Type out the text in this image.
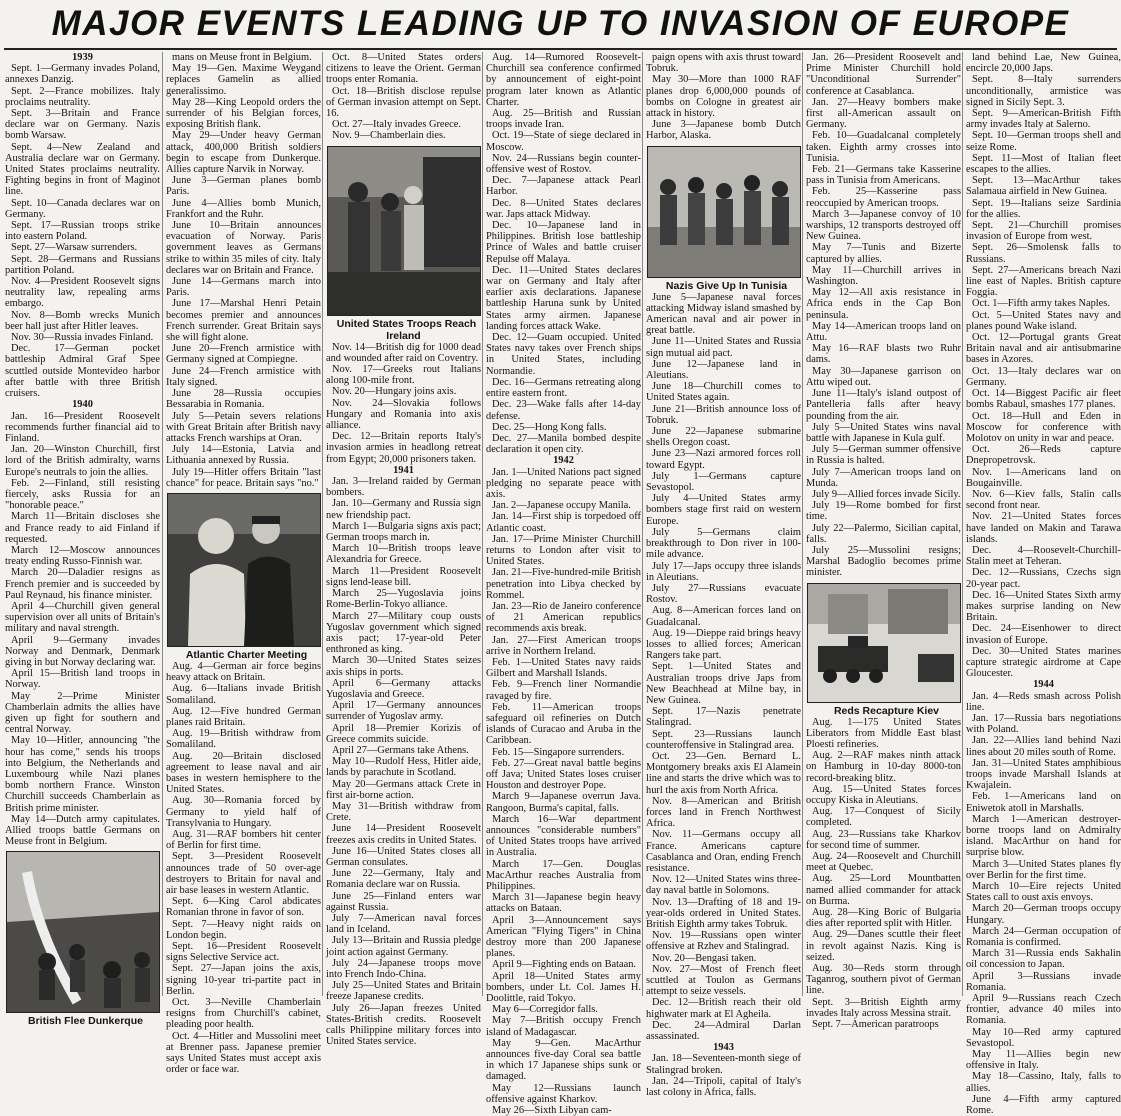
MAJOR EVENTS LEADING UP TO INVASION OF EUROPE

1939

Sept. 1—Germany invades Poland, annexes Danzig.

Sept. 2—France mobilizes. Italy proclaims neutrality.

Sept. 3—Britain and France declare war on Germany. Nazis bomb Warsaw.

Sept. 4—New Zealand and Australia declare war on Germany. United States proclaims neutrality. Fighting begins in front of Maginot line.

Sept. 10—Canada declares war on Germany.

Sept. 17—Russian troops strike into eastern Poland.

Sept. 27—Warsaw surrenders.

Sept. 28—Germans and Russians partition Poland.

Nov. 4—President Roosevelt signs neutrality law, repealing arms embargo.

Nov. 8—Bomb wrecks Munich beer hall just after Hitler leaves.

Nov. 30—Russia invades Finland.

Dec. 17—German pocket battleship Admiral Graf Spee scuttled outside Montevideo harbor after battle with three British cruisers.

1940

Jan. 16—President Roosevelt recommends further financial aid to Finland.

Jan. 20—Winston Churchill, first lord of the British admiralty, warns Europe's neutrals to join the allies.

Feb. 2—Finland, still resisting fiercely, asks Russia for an "honorable peace."

March 11—Britain discloses she and France ready to aid Finland if requested.

March 12—Moscow announces treaty ending Russo-Finnish war.

March 20—Daladier resigns as French premier and is succeeded by Paul Reynaud, his finance minister.

April 4—Churchill given general supervision over all units of Britain's military and naval strength.

April 9—Germany invades Norway and Denmark, Denmark giving in but Norway declaring war.

April 15—British land troops in Norway.

May 2—Prime Minister Chamberlain admits the allies have given up fight for southern and central Norway.

May 10—Hitler, announcing "the hour has come," sends his troops into Belgium, the Netherlands and Luxembourg while Nazi planes bomb northern France. Winston Churchill succeeds Chamberlain as British prime minister.

May 14—Dutch army capitulates. Allied troops battle Germans on Meuse front in Belgium.

British Flee Dunkerque

mans on Meuse front in Belgium.

May 19—Gen. Maxime Weygand replaces Gamelin as allied generalissimo.

May 28—King Leopold orders the surrender of his Belgian forces, exposing British flank.

May 29—Under heavy German attack, 400,000 British soldiers begin to escape from Dunkerque. Allies capture Narvik in Norway.

June 3—German planes bomb Paris.

June 4—Allies bomb Munich, Frankfort and the Ruhr.

June 10—Britain announces evacuation of Norway. Paris government leaves as Germans strike to within 35 miles of city. Italy declares war on Britain and France.

June 14—Germans march into Paris.

June 17—Marshal Henri Petain becomes premier and announces French surrender. Great Britain says she will fight alone.

June 20—French armistice with Germany signed at Compiegne.

June 24—French armistice with Italy signed.

June 28—Russia occupies Bessarabia in Romania.

July 5—Petain severs relations with Great Britain after British navy attacks French warships at Oran.

July 14—Estonia, Latvia and Lithuania annexed by Russia.

July 19—Hitler offers Britain "last chance" for peace. Britain says "no."

Atlantic Charter Meeting

Aug. 4—German air force begins heavy attack on Britain.

Aug. 6—Italians invade British Somaliland.

Aug. 12—Five hundred German planes raid Britain.

Aug. 19—British withdraw from Somaliland.

Aug. 20—Britain disclosed agreement to lease naval and air bases in western hemisphere to the United States.

Aug. 30—Romania forced by Germany to yield half of Transylvania to Hungary.

Aug. 31—RAF bombers hit center of Berlin for first time.

Sept. 3—President Roosevelt announces trade of 50 over-age destroyers to Britain for naval and air base leases in western Atlantic.

Sept. 6—King Carol abdicates Romanian throne in favor of son.

Sept. 7—Heavy night raids on London begin.

Sept. 16—President Roosevelt signs Selective Service act.

Sept. 27—Japan joins the axis, signing 10-year tri-partite pact in Berlin.

Oct. 3—Neville Chamberlain resigns from Churchill's cabinet, pleading poor health.

Oct. 4—Hitler and Mussolini meet at Brenner pass. Japanese premier says United States must accept axis order or face war.

Oct. 8—United States orders citizens to leave the Orient. German troops enter Romania.

Oct. 18—British disclose repulse of German invasion attempt on Sept. 16.

Oct. 27—Italy invades Greece.

Nov. 9—Chamberlain dies.

United States Troops Reach Ireland

Nov. 14—British dig for 1000 dead and wounded after raid on Coventry.

Nov. 17—Greeks rout Italians along 100-mile front.

Nov. 20—Hungary joins axis.

Nov. 24—Slovakia follows Hungary and Romania into axis alliance.

Dec. 12—Britain reports Italy's invasion armies in headlong retreat from Egypt; 20,000 prisoners taken.

1941

Jan. 3—Ireland raided by German bombers.

Jan. 10—Germany and Russia sign new friendship pact.

March 1—Bulgaria signs axis pact; German troops march in.

March 10—British troops leave Alexandria for Greece.

March 11—President Roosevelt signs lend-lease bill.

March 25—Yugoslavia joins Rome-Berlin-Tokyo alliance.

March 27—Military coup ousts Yugoslav government which signed axis pact; 17-year-old Peter enthroned as king.

March 30—United States seizes axis ships in ports.

April 6—Germany attacks Yugoslavia and Greece.

April 17—Germany announces surrender of Yugoslav army.

April 18—Premier Korizis of Greece commits suicide.

April 27—Germans take Athens.

May 10—Rudolf Hess, Hitler aide, lands by parachute in Scotland.

May 20—Germans attack Crete in first air-borne action.

May 31—British withdraw from Crete.

June 14—President Roosevelt freezes axis credits in United States.

June 16—United States closes all German consulates.

June 22—Germany, Italy and Romania declare war on Russia.

June 25—Finland enters war against Russia.

July 7—American naval forces land in Iceland.

July 13—Britain and Russia pledge joint action against Germany.

July 24—Japanese troops move into French Indo-China.

July 25—United States and Britain freeze Japanese credits.

July 26—Japan freezes United States-British credits. Roosevelt calls Philippine military forces into United States service.

Aug. 14—Rumored Roosevelt-Churchill sea conference confirmed by announcement of eight-point program later known as Atlantic Charter.

Aug. 25—British and Russian troops invade Iran.

Oct. 19—State of siege declared in Moscow.

Nov. 24—Russians begin counter-offensive west of Rostov.

Dec. 7—Japanese attack Pearl Harbor.

Dec. 8—United States declares war. Japs attack Midway.

Dec. 10—Japanese land in Philippines. British lose battleship Prince of Wales and battle cruiser Repulse off Malaya.

Dec. 11—United States declares war on Germany and Italy after earlier axis declarations. Japanese battleship Haruna sunk by United States army airmen. Japanese landing forces attack Wake.

Dec. 12—Guam occupied. United States navy takes over French ships in United States, including Normandie.

Dec. 16—Germans retreating along entire eastern front.

Dec. 23—Wake falls after 14-day defense.

Dec. 25—Hong Kong falls.

Dec. 27—Manila bombed despite declaration it open city.

1942

Jan. 1—United Nations pact signed pledging no separate peace with axis.

Jan. 2—Japanese occupy Manila.

Jan. 14—First ship is torpedoed off Atlantic coast.

Jan. 17—Prime Minister Churchill returns to London after visit to United States.

Jan. 21—Five-hundred-mile British penetration into Libya checked by Rommel.

Jan. 23—Rio de Janeiro conference of 21 American republics recommends axis break.

Jan. 27—First American troops arrive in Northern Ireland.

Feb. 1—United States navy raids Gilbert and Marshall Islands.

Feb. 9—French liner Normandie ravaged by fire.

Feb. 11—American troops safeguard oil refineries on Dutch islands of Curacao and Aruba in the Caribbean.

Feb. 15—Singapore surrenders.

Feb. 27—Great naval battle begins off Java; United States loses cruiser Houston and destroyer Pope.

March 9—Japanese overrun Java. Rangoon, Burma's capital, falls.

March 16—War department announces "considerable numbers" of United States troops have arrived in Australia.

March 17—Gen. Douglas MacArthur reaches Australia from Philippines.

March 31—Japanese begin heavy attacks on Bataan.

April 3—Announcement says American "Flying Tigers" in China destroy more than 200 Japanese planes.

April 9—Fighting ends on Bataan.

April 18—United States army bombers, under Lt. Col. James H. Doolittle, raid Tokyo.

May 6—Corregidor falls.

May 7—British occupy French island of Madagascar.

May 9—Gen. MacArthur announces five-day Coral sea battle in which 17 Japanese ships sunk or damaged.

May 12—Russians launch offensive against Kharkov.

May 26—Sixth Libyan cam-

paign opens with axis thrust toward Tobruk.

May 30—More than 1000 RAF planes drop 6,000,000 pounds of bombs on Cologne in greatest air attack in history.

June 3—Japanese bomb Dutch Harbor, Alaska.

Nazis Give Up In Tunisia

June 5—Japanese naval forces attacking Midway island smashed by American naval and air power in great battle.

June 11—United States and Russia sign mutual aid pact.

June 12—Japanese land in Aleutians.

June 18—Churchill comes to United States again.

June 21—British announce loss of Tobruk.

June 22—Japanese submarine shells Oregon coast.

June 23—Nazi armored forces roll toward Egypt.

July 1—Germans capture Sevastopol.

July 4—United States army bombers stage first raid on western Europe.

July 5—Germans claim breakthrough to Don river in 100-mile advance.

July 17—Japs occupy three islands in Aleutians.

July 27—Russians evacuate Rostov.

Aug. 8—American forces land on Guadalcanal.

Aug. 19—Dieppe raid brings heavy losses to allied forces; American Rangers take part.

Sept. 1—United States and Australian troops drive Japs from New Beachhead at Milne bay, in New Guinea.

Sept. 17—Nazis penetrate Stalingrad.

Sept. 23—Russians launch counteroffensive in Stalingrad area.

Oct. 23—Gen. Bernard L. Montgomery breaks axis El Alamein line and starts the drive which was to hurl the axis from North Africa.

Nov. 8—American and British forces land in French Northwest Africa.

Nov. 11—Germans occupy all France. Americans capture Casablanca and Oran, ending French resistance.

Nov. 12—United States wins three-day naval battle in Solomons.

Nov. 13—Drafting of 18 and 19-year-olds ordered in United States. British Eighth army takes Tobruk.

Nov. 19—Russians open winter offensive at Rzhev and Stalingrad.

Nov. 20—Bengasi taken.

Nov. 27—Most of French fleet scuttled at Toulon as Germans attempt to seize vessels.

Dec. 12—British reach their old highwater mark at El Agheila.

Dec. 24—Admiral Darlan assassinated.

1943

Jan. 18—Seventeen-month siege of Stalingrad broken.

Jan. 24—Tripoli, capital of Italy's last colony in Africa, falls.

Jan. 26—President Roosevelt and Prime Minister Churchill hold "Unconditional Surrender" conference at Casablanca.

Jan. 27—Heavy bombers make first all-American assault on Germany.

Feb. 10—Guadalcanal completely taken. Eighth army crosses into Tunisia.

Feb. 21—Germans take Kasserine pass in Tunisia from Americans.

Feb. 25—Kasserine pass reoccupied by American troops.

March 3—Japanese convoy of 10 warships, 12 transports destroyed off New Guinea.

May 7—Tunis and Bizerte captured by allies.

May 11—Churchill arrives in Washington.

May 12—All axis resistance in Africa ends in the Cap Bon peninsula.

May 14—American troops land on Attu.

May 16—RAF blasts two Ruhr dams.

May 30—Japanese garrison on Attu wiped out.

June 11—Italy's island outpost of Pantelleria falls after heavy pounding from the air.

July 5—United States wins naval battle with Japanese in Kula gulf.

July 5—German summer offensive in Russia is halted.

July 7—American troops land on Munda.

July 9—Allied forces invade Sicily.

July 19—Rome bombed for first time.

July 22—Palermo, Sicilian capital, falls.

July 25—Mussolini resigns; Marshal Badoglio becomes prime minister.

Reds Recapture Kiev

Aug. 1—175 United States Liberators from Middle East blast Ploesti refineries.

Aug. 2—RAF makes ninth attack on Hamburg in 10-day 8000-ton record-breaking blitz.

Aug. 15—United States forces occupy Kiska in Aleutians.

Aug. 17—Conquest of Sicily completed.

Aug. 23—Russians take Kharkov for second time of summer.

Aug. 24—Roosevelt and Churchill meet at Quebec.

Aug. 25—Lord Mountbatten named allied commander for attack on Burma.

Aug. 28—King Boric of Bulgaria dies after reported split with Hitler.

Aug. 29—Danes scuttle their fleet in revolt against Nazis. King is seized.

Aug. 30—Reds storm through Taganrog, southern pivot of German line.

Sept. 3—British Eighth army invades Italy across Messina strait.

Sept. 7—American paratroops

land behind Lae, New Guinea, encircle 20,000 Japs.

Sept. 8—Italy surrenders unconditionally, armistice was signed in Sicily Sept. 3.

Sept. 9—American-British Fifth army invades Italy at Salerno.

Sept. 10—German troops shell and seize Rome.

Sept. 11—Most of Italian fleet escapes to the allies.

Sept. 13—MacArthur takes Salamaua airfield in New Guinea.

Sept. 19—Italians seize Sardinia for the allies.

Sept. 21—Churchill promises invasion of Europe from west.

Sept. 26—Smolensk falls to Russians.

Sept. 27—Americans breach Nazi line east of Naples. British capture Foggia.

Oct. 1—Fifth army takes Naples.

Oct. 5—United States navy and planes pound Wake island.

Oct. 12—Portugal grants Great Britain naval and air antisubmarine bases in Azores.

Oct. 13—Italy declares war on Germany.

Oct. 14—Biggest Pacific air fleet bombs Rabaul, smashes 177 planes.

Oct. 18—Hull and Eden in Moscow for conference with Molotov on unity in war and peace.

Oct. 26—Reds capture Dnepropetrovsk.

Nov. 1—Americans land on Bougainville.

Nov. 6—Kiev falls, Stalin calls second front near.

Nov. 21—United States forces have landed on Makin and Tarawa islands.

Dec. 4—Roosevelt-Churchill-Stalin meet at Teheran.

Dec. 12—Russians, Czechs sign 20-year pact.

Dec. 16—United States Sixth army makes surprise landing on New Britain.

Dec. 24—Eisenhower to direct invasion of Europe.

Dec. 30—United States marines capture strategic airdrome at Cape Gloucester.

1944

Jan. 4—Reds smash across Polish line.

Jan. 17—Russia bars negotiations with Poland.

Jan. 22—Allies land behind Nazi lines about 20 miles south of Rome.

Jan. 31—United States amphibious troops invade Marshall Islands at Kwajalein.

Feb. 1—Americans land on Eniwetok atoll in Marshalls.

March 1—American destroyer-borne troops land on Admiralty island. MacArthur on hand for surprise blow.

March 3—United States planes fly over Berlin for the first time.

March 10—Eire rejects United States call to oust axis envoys.

March 20—German troops occupy Hungary.

March 24—German occupation of Romania is confirmed.

March 31—Russia ends Sakhalin oil concession to Japan.

April 3—Russians invade Romania.

April 9—Russians reach Czech frontier, advance 40 miles into Romania.

May 10—Red army captured Sevastopol.

May 11—Allies begin new offensive in Italy.

May 18—Cassino, Italy, falls to allies.

June 4—Fifth army captured Rome.
